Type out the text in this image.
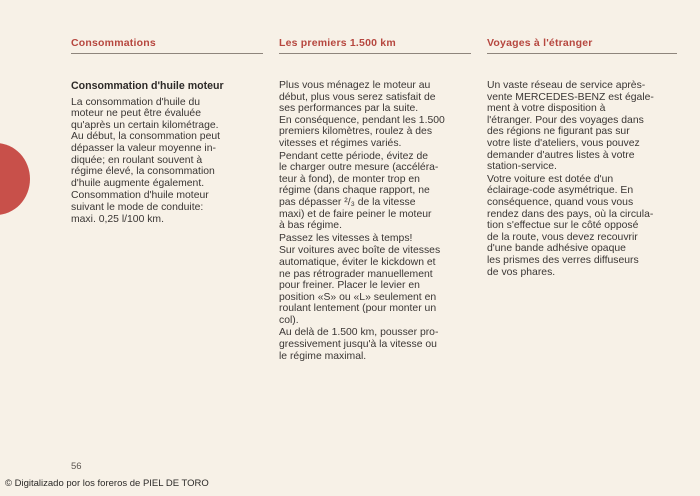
Consommations
Consommation d'huile moteur
La consommation d'huile du
moteur ne peut être évaluée
qu'après un certain kilométrage.
Au début, la consommation peut
dépasser la valeur moyenne in-
diquée; en roulant souvent à
régime élevé, la consommation
d'huile augmente également.
Consommation d'huile moteur
suivant le mode de conduite:
maxi. 0,25 l/100 km.
Les premiers 1.500 km
Plus vous ménagez le moteur au
début, plus vous serez satisfait de
ses performances par la suite.
En conséquence, pendant les 1.500
premiers kilomètres, roulez à des
vitesses et régimes variés.
Pendant cette période, évitez de
le charger outre mesure (accéléra-
teur à fond), de monter trop en
régime (dans chaque rapport, ne
pas dépasser ²/₃ de la vitesse
maxi) et de faire peiner le moteur
à bas régime.
Passez les vitesses à temps!
Sur voitures avec boîte de vitesses
automatique, éviter le kickdown et
ne pas rétrograder manuellement
pour freiner. Placer le levier en
position «S» ou «L» seulement en
roulant lentement (pour monter un
col).
Au delà de 1.500 km, pousser pro-
gressivement jusqu'à la vitesse ou
le régime maximal.
Voyages à l'étranger
Un vaste réseau de service après-
vente MERCEDES-BENZ est égale-
ment à votre disposition à
l'étranger. Pour des voyages dans
des régions ne figurant pas sur
votre liste d'ateliers, vous pouvez
demander d'autres listes à votre
station-service.
Votre voiture est dotée d'un
éclairage-code asymétrique. En
conséquence, quand vous vous
rendez dans des pays, où la circula-
tion s'effectue sur le côté opposé
de la route, vous devez recouvrir
d'une bande adhésive opaque
les prismes des verres diffuseurs
de vos phares.
56
© Digitalizado por los foreros de PIEL DE TORO
